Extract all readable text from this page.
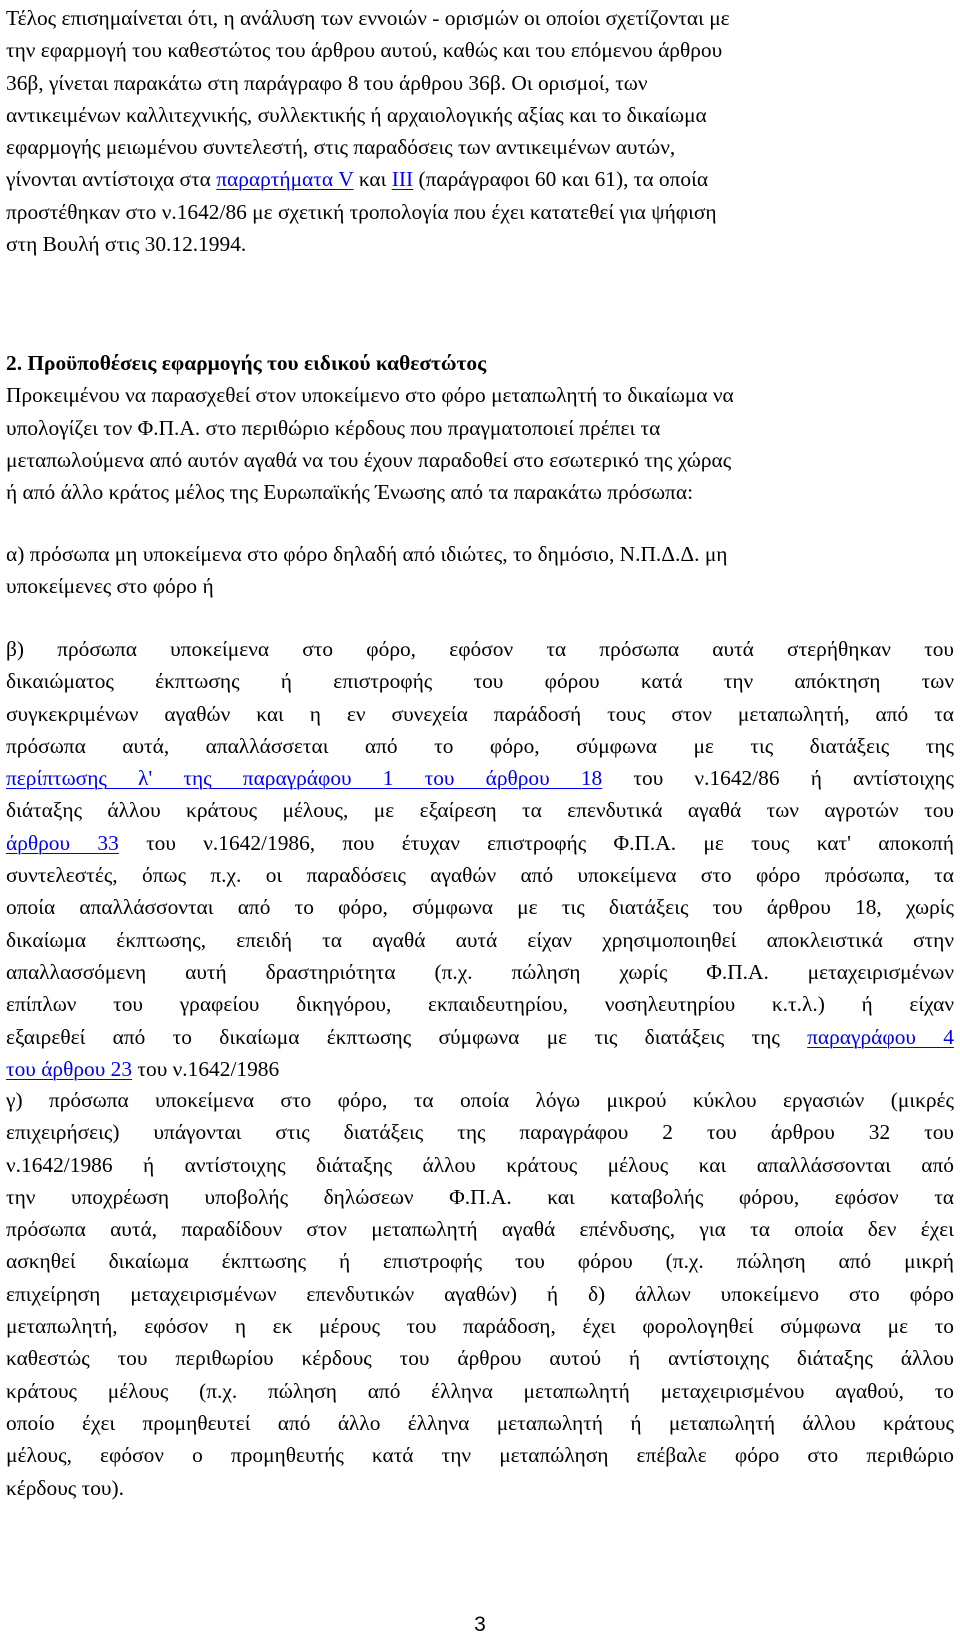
Τέλος επισημαίνεται ότι, η ανάλυση των εννοιών - ορισμών οι οποίοι σχετίζονται με
την εφαρμογή του καθεστώτος του άρθρου αυτού, καθώς και του επόμενου άρθρου
36β, γίνεται παρακάτω στη παράγραφο 8 του άρθρου 36β. Οι ορισμοί, των
αντικειμένων καλλιτεχνικής, συλλεκτικής ή αρχαιολογικής αξίας και το δικαίωμα
εφαρμογής μειωμένου συντελεστή, στις παραδόσεις των αντικειμένων αυτών,
γίνονται αντίστοιχα στα παραρτήματα V και ΙΙΙ (παράγραφοι 60 και 61), τα οποία
προστέθηκαν στο ν.1642/86 με σχετική τροπολογία που έχει κατατεθεί για ψήφιση
στη Βουλή στις 30.12.1994.
2. Προϋποθέσεις εφαρμογής του ειδικού καθεστώτος
Προκειμένου να παρασχεθεί στον υποκείμενο στο φόρο μεταπωλητή το δικαίωμα να
υπολογίζει τον Φ.Π.Α. στο περιθώριο κέρδους που πραγματοποιεί πρέπει τα
μεταπωλούμενα από αυτόν αγαθά να του έχουν παραδοθεί στο εσωτερικό της χώρας
ή από άλλο κράτος μέλος της Ευρωπαϊκής Ένωσης από τα παρακάτω πρόσωπα:
α) πρόσωπα μη υποκείμενα στο φόρο δηλαδή από ιδιώτες, το δημόσιο, Ν.Π.Δ.Δ. μη
υποκείμενες στο φόρο ή
β) πρόσωπα υποκείμενα στο φόρο, εφόσον τα πρόσωπα αυτά στερήθηκαν του
δικαιώματος έκπτωσης ή επιστροφής του φόρου κατά την απόκτηση των
συγκεκριμένων αγαθών και η εν συνεχεία παράδοσή τους στον μεταπωλητή, από τα
πρόσωπα αυτά, απαλλάσσεται από το φόρο, σύμφωνα με τις διατάξεις της
περίπτωσης λ' της παραγράφου 1 του άρθρου 18 του ν.1642/86 ή αντίστοιχης
διάταξης άλλου κράτους μέλους, με εξαίρεση τα επενδυτικά αγαθά των αγροτών του
άρθρου 33 του ν.1642/1986, που έτυχαν επιστροφής Φ.Π.Α. με τους κατ' αποκοπή
συντελεστές, όπως π.χ. οι παραδόσεις αγαθών από υποκείμενα στο φόρο πρόσωπα, τα
οποία απαλλάσσονται από το φόρο, σύμφωνα με τις διατάξεις του άρθρου 18, χωρίς
δικαίωμα έκπτωσης, επειδή τα αγαθά αυτά είχαν χρησιμοποιηθεί αποκλειστικά στην
απαλλασσόμενη αυτή δραστηριότητα (π.χ. πώληση χωρίς Φ.Π.Α. μεταχειρισμένων
επίπλων του γραφείου δικηγόρου, εκπαιδευτηρίου, νοσηλευτηρίου κ.τ.λ.) ή είχαν
εξαιρεθεί από το δικαίωμα έκπτωσης σύμφωνα με τις διατάξεις της παραγράφου 4
του άρθρου 23 του ν.1642/1986
γ) πρόσωπα υποκείμενα στο φόρο, τα οποία λόγω μικρού κύκλου εργασιών (μικρές
επιχειρήσεις) υπάγονται στις διατάξεις της παραγράφου 2 του άρθρου 32 του
ν.1642/1986 ή αντίστοιχης διάταξης άλλου κράτους μέλους και απαλλάσσονται από
την υποχρέωση υποβολής δηλώσεων Φ.Π.Α. και καταβολής φόρου, εφόσον τα
πρόσωπα αυτά, παραδίδουν στον μεταπωλητή αγαθά επένδυσης, για τα οποία δεν έχει
ασκηθεί δικαίωμα έκπτωσης ή επιστροφής του φόρου (π.χ. πώληση από μικρή
επιχείρηση μεταχειρισμένων επενδυτικών αγαθών) ή δ) άλλων υποκείμενο στο φόρο
μεταπωλητή, εφόσον η εκ μέρους του παράδοση, έχει φορολογηθεί σύμφωνα με το
καθεστώς του περιθωρίου κέρδους του άρθρου αυτού ή αντίστοιχης διάταξης άλλου
κράτους μέλους (π.χ. πώληση από έλληνα μεταπωλητή μεταχειρισμένου αγαθού, το
οποίο έχει προμηθευτεί από άλλο έλληνα μεταπωλητή ή μεταπωλητή άλλου κράτους
μέλους, εφόσον ο προμηθευτής κατά την μεταπώληση επέβαλε φόρο στο περιθώριο
κέρδους του).
3
